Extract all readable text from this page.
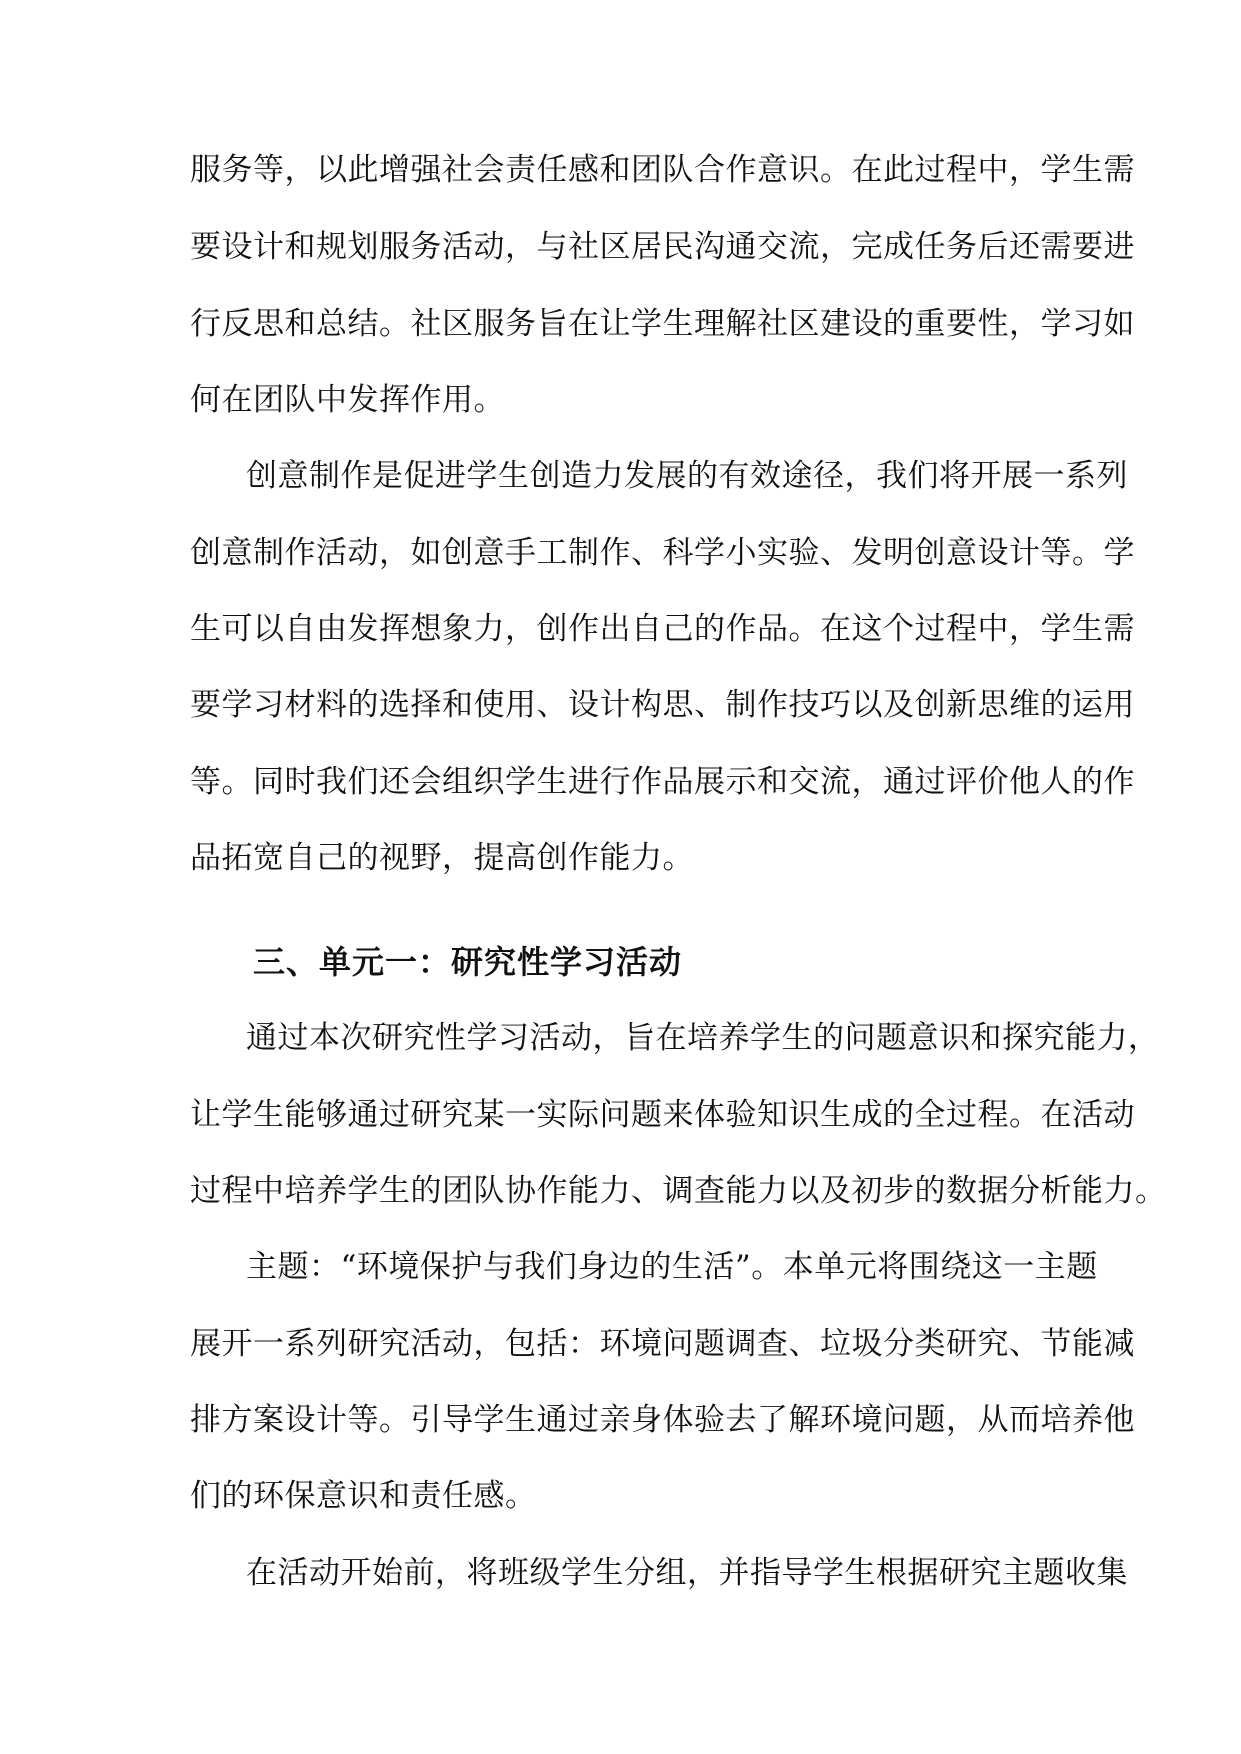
服务等，以此增强社会责任感和团队合作意识。在此过程中，学生需
要设计和规划服务活动，与社区居民沟通交流，完成任务后还需要进
行反思和总结。社区服务旨在让学生理解社区建设的重要性，学习如
何在团队中发挥作用。
创意制作是促进学生创造力发展的有效途径，我们将开展一系列
创意制作活动，如创意手工制作、科学小实验、发明创意设计等。学
生可以自由发挥想象力，创作出自己的作品。在这个过程中，学生需
要学习材料的选择和使用、设计构思、制作技巧以及创新思维的运用
等。同时我们还会组织学生进行作品展示和交流，通过评价他人的作
品拓宽自己的视野，提高创作能力。
三、单元一：研究性学习活动
通过本次研究性学习活动，旨在培养学生的问题意识和探究能力，
让学生能够通过研究某一实际问题来体验知识生成的全过程。在活动
过程中培养学生的团队协作能力、调查能力以及初步的数据分析能力。
主题：“环境保护与我们身边的生活”。本单元将围绕这一主题
展开一系列研究活动，包括：环境问题调查、垃圾分类研究、节能减
排方案设计等。引导学生通过亲身体验去了解环境问题，从而培养他
们的环保意识和责任感。
在活动开始前，将班级学生分组，并指导学生根据研究主题收集
